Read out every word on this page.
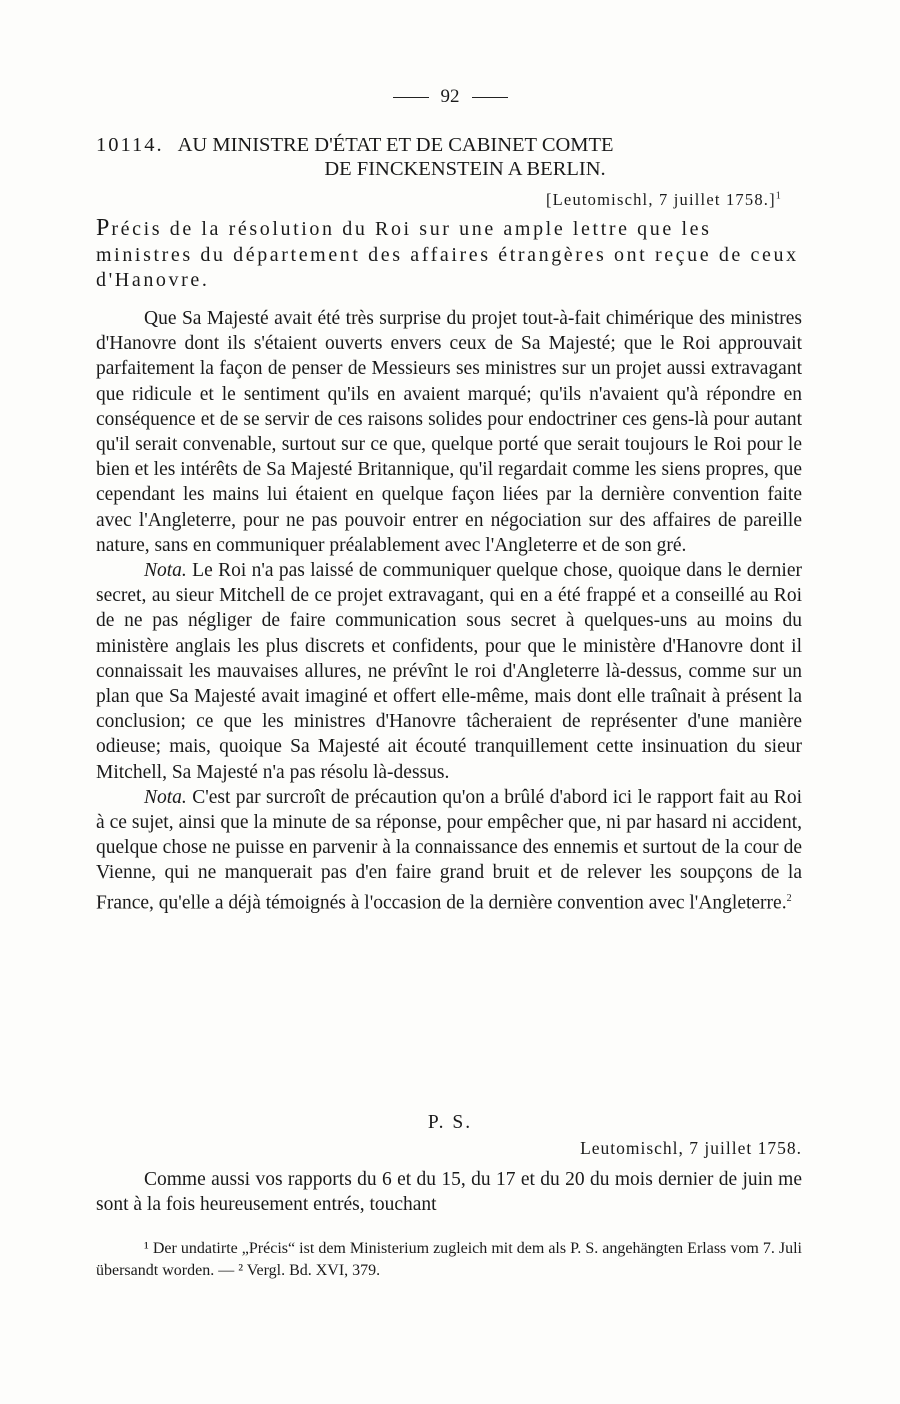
92
10114. AU MINISTRE D'ÉTAT ET DE CABINET COMTE
DE FINCKENSTEIN A BERLIN.
[Leutomischl, 7 juillet 1758.]$^1$
Précis de la résolution du Roi sur une ample lettre que les ministres du département des affaires étrangères ont reçue de ceux d'Hanovre.

Que Sa Majesté avait été très surprise du projet tout-à-fait chimérique des ministres d'Hanovre dont ils s'étaient ouverts envers ceux de Sa Majesté; que le Roi approuvait parfaitement la façon de penser de Messieurs ses ministres sur un projet aussi extravagant que ridicule et le sentiment qu'ils en avaient marqué; qu'ils n'avaient qu'à répondre en conséquence et de se servir de ces raisons solides pour endoctriner ces gens-là pour autant qu'il serait convenable, surtout sur ce que, quelque porté que serait toujours le Roi pour le bien et les intérêts de Sa Majesté Britannique, qu'il regardait comme les siens propres, que cependant les mains lui étaient en quelque façon liées par la dernière convention faite avec l'Angleterre, pour ne pas pouvoir entrer en négociation sur des affaires de pareille nature, sans en communiquer préalablement avec l'Angleterre et de son gré.

Nota. Le Roi n'a pas laissé de communiquer quelque chose, quoique dans le dernier secret, au sieur Mitchell de ce projet extravagant, qui en a été frappé et a conseillé au Roi de ne pas négliger de faire communication sous secret à quelques-uns au moins du ministère anglais les plus discrets et confidents, pour que le ministère d'Hanovre dont il connaissait les mauvaises allures, ne prévînt le roi d'Angleterre là-dessus, comme sur un plan que Sa Majesté avait imaginé et offert elle-même, mais dont elle traînait à présent la conclusion; ce que les ministres d'Hanovre tâcheraient de représenter d'une manière odieuse; mais, quoique Sa Majesté ait écouté tranquillement cette insinuation du sieur Mitchell, Sa Majesté n'a pas résolu là-dessus.

Nota. C'est par surcroît de précaution qu'on a brûlé d'abord ici le rapport fait au Roi à ce sujet, ainsi que la minute de sa réponse, pour empêcher que, ni par hasard ni accident, quelque chose ne puisse en parvenir à la connaissance des ennemis et surtout de la cour de Vienne, qui ne manquerait pas d'en faire grand bruit et de relever les soupçons de la France, qu'elle a déjà témoignés à l'occasion de la dernière convention avec l'Angleterre.$^2$

P. S.
Leutomischl, 7 juillet 1758.

Comme aussi vos rapports du 6 et du 15, du 17 et du 20 du mois dernier de juin me sont à la fois heureusement entrés, touchant

¹ Der undatirte „Précis“ ist dem Ministerium zugleich mit dem als P. S. angehängten Erlass vom 7. Juli übersandt worden. — ² Vergl. Bd. XVI, 379.
